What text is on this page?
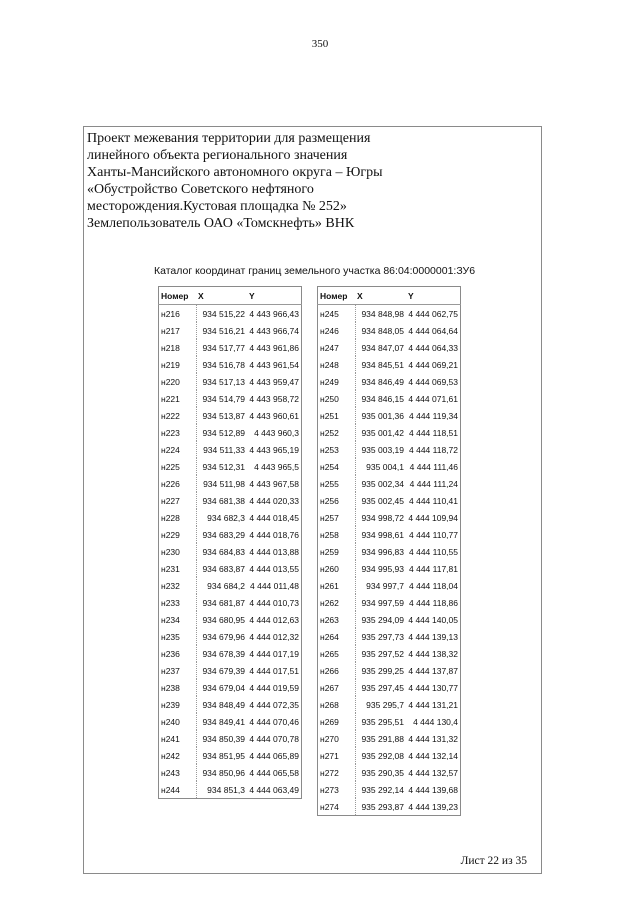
350
Проект межевания территории для размещения
линейного объекта регионального значения
Ханты-Мансийского автономного округа – Югры
«Обустройство Советского нефтяного
месторождения.Кустовая площадка № 252»
Землепользователь ОАО «Томскнефть» ВНК
Каталог координат границ земельного участка 86:04:0000001:ЗУ6
Номер	X	Y
н216	934 515,22	4 443 966,43
н217	934 516,21	4 443 966,74
н218	934 517,77	4 443 961,86
н219	934 516,78	4 443 961,54
н220	934 517,13	4 443 959,47
н221	934 514,79	4 443 958,72
н222	934 513,87	4 443 960,61
н223	934 512,89	4 443 960,3
н224	934 511,33	4 443 965,19
н225	934 512,31	4 443 965,5
н226	934 511,98	4 443 967,58
н227	934 681,38	4 444 020,33
н228	934 682,3	4 444 018,45
н229	934 683,29	4 444 018,76
н230	934 684,83	4 444 013,88
н231	934 683,87	4 444 013,55
н232	934 684,2	4 444 011,48
н233	934 681,87	4 444 010,73
н234	934 680,95	4 444 012,63
н235	934 679,96	4 444 012,32
н236	934 678,39	4 444 017,19
н237	934 679,39	4 444 017,51
н238	934 679,04	4 444 019,59
н239	934 848,49	4 444 072,35
н240	934 849,41	4 444 070,46
н241	934 850,39	4 444 070,78
н242	934 851,95	4 444 065,89
н243	934 850,96	4 444 065,58
н244	934 851,3	4 444 063,49
Номер	X	Y
н245	934 848,98	4 444 062,75
н246	934 848,05	4 444 064,64
н247	934 847,07	4 444 064,33
н248	934 845,51	4 444 069,21
н249	934 846,49	4 444 069,53
н250	934 846,15	4 444 071,61
н251	935 001,36	4 444 119,34
н252	935 001,42	4 444 118,51
н253	935 003,19	4 444 118,72
н254	935 004,1	4 444 111,46
н255	935 002,34	4 444 111,24
н256	935 002,45	4 444 110,41
н257	934 998,72	4 444 109,94
н258	934 998,61	4 444 110,77
н259	934 996,83	4 444 110,55
н260	934 995,93	4 444 117,81
н261	934 997,7	4 444 118,04
н262	934 997,59	4 444 118,86
н263	935 294,09	4 444 140,05
н264	935 297,73	4 444 139,13
н265	935 297,52	4 444 138,32
н266	935 299,25	4 444 137,87
н267	935 297,45	4 444 130,77
н268	935 295,7	4 444 131,21
н269	935 295,51	4 444 130,4
н270	935 291,88	4 444 131,32
н271	935 292,08	4 444 132,14
н272	935 290,35	4 444 132,57
н273	935 292,14	4 444 139,68
н274	935 293,87	4 444 139,23
Лист 22 из 35
